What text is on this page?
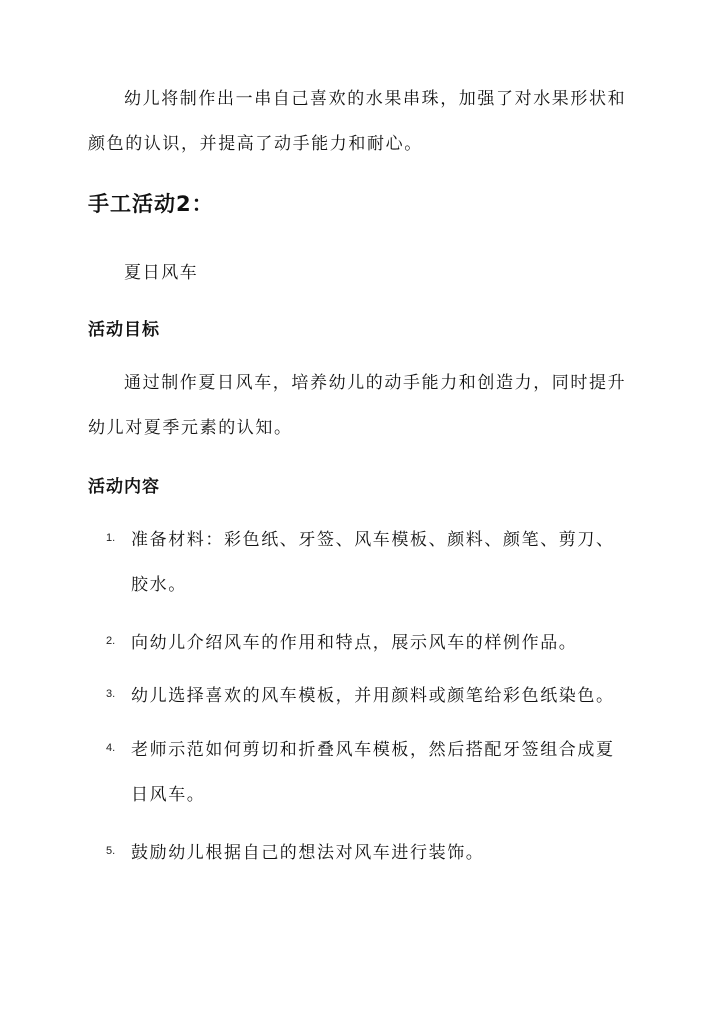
幼儿将制作出一串自己喜欢的水果串珠，加强了对水果形状和颜色的认识，并提高了动手能力和耐心。

手工活动2：

夏日风车

活动目标

通过制作夏日风车，培养幼儿的动手能力和创造力，同时提升幼儿对夏季元素的认知。

活动内容
1. 准备材料：彩色纸、牙签、风车模板、颜料、颜笔、剪刀、胶水。
2. 向幼儿介绍风车的作用和特点，展示风车的样例作品。
3. 幼儿选择喜欢的风车模板，并用颜料或颜笔给彩色纸染色。
4. 老师示范如何剪切和折叠风车模板，然后搭配牙签组合成夏日风车。
5. 鼓励幼儿根据自己的想法对风车进行装饰。
